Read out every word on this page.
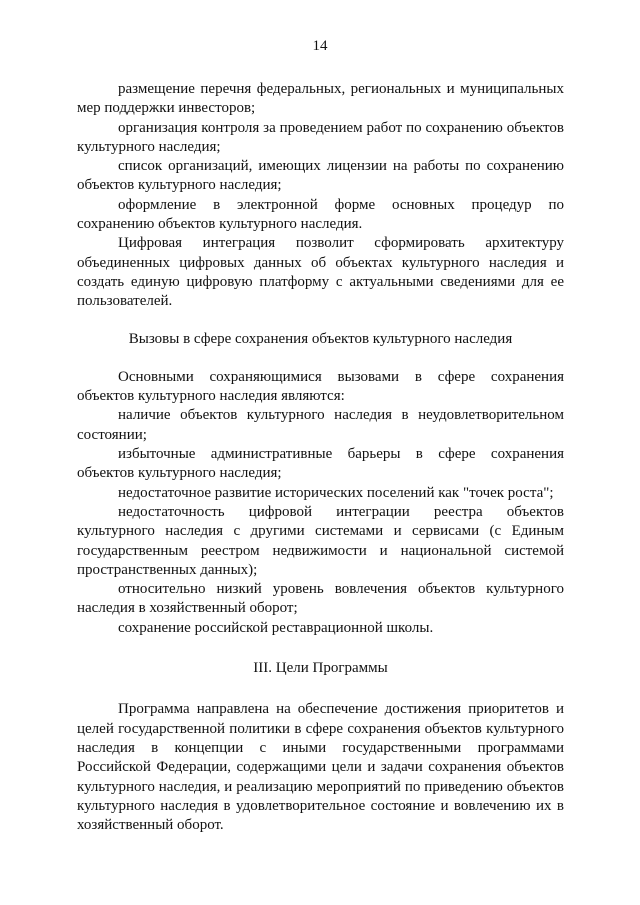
14

размещение перечня федеральных, региональных и муниципальных мер поддержки инвесторов;

организация контроля за проведением работ по сохранению объектов культурного наследия;

список организаций, имеющих лицензии на работы по сохранению объектов культурного наследия;

оформление в электронной форме основных процедур по сохранению объектов культурного наследия.

Цифровая интеграция позволит сформировать архитектуру объединенных цифровых данных об объектах культурного наследия и создать единую цифровую платформу с актуальными сведениями для ее пользователей.

Вызовы в сфере сохранения объектов культурного наследия

Основными сохраняющимися вызовами в сфере сохранения объектов культурного наследия являются:

наличие объектов культурного наследия в неудовлетворительном состоянии;

избыточные административные барьеры в сфере сохранения объектов культурного наследия;

недостаточное развитие исторических поселений как "точек роста";

недостаточность цифровой интеграции реестра объектов культурного наследия с другими системами и сервисами (с Единым государственным реестром недвижимости и национальной системой пространственных данных);

относительно низкий уровень вовлечения объектов культурного наследия в хозяйственный оборот;

сохранение российской реставрационной школы.

III. Цели Программы

Программа направлена на обеспечение достижения приоритетов и целей государственной политики в сфере сохранения объектов культурного наследия в концепции с иными государственными программами Российской Федерации, содержащими цели и задачи сохранения объектов культурного наследия, и реализацию мероприятий по приведению объектов культурного наследия в удовлетворительное состояние и вовлечению их в хозяйственный оборот.
